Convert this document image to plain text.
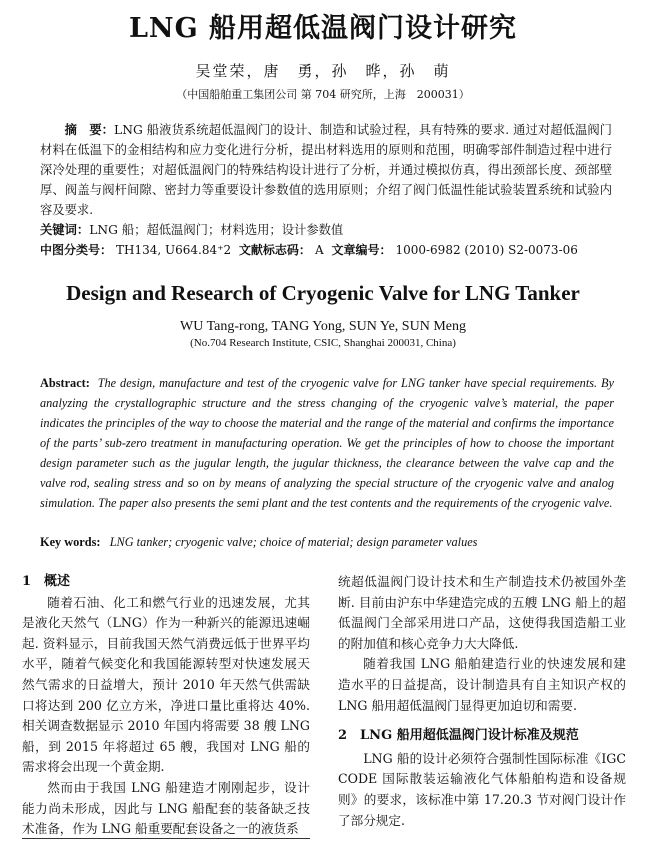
LNG 船用超低温阀门设计研究
吴堂荣，唐　勇，孙　晔，孙　萌
（中国船舶重工集团公司 第 704 研究所，上海　200031）
摘　要：LNG 船液货系统超低温阀门的设计、制造和试验过程，具有特殊的要求. 通过对超低温阀门材料在低温下的金相结构和应力变化进行分析，提出材料选用的原则和范围，明确零部件制造过程中进行深冷处理的重要性；对超低温阀门的特殊结构设计进行了分析，并通过模拟仿真，得出颈部长度、颈部壁厚、阀盖与阀杆间隙、密封力等重要设计参数值的选用原则；介绍了阀门低温性能试验装置系统和试验内容及要求.
关键词：LNG 船；超低温阀门；材料选用；设计参数值
中图分类号： TH134, U664.84⁺2 文献标志码： A 文章编号： 1000-6982 (2010) S2-0073-06
Design and Research of Cryogenic Valve for LNG Tanker
WU Tang-rong, TANG Yong, SUN Ye, SUN Meng
(No.704 Research Institute, CSIC, Shanghai 200031, China)
Abstract: The design, manufacture and test of the cryogenic valve for LNG tanker have special requirements. By analyzing the crystallographic structure and the stress changing of the cryogenic valve’s material, the paper indicates the principles of the way to choose the material and the range of the material and confirms the importance of the parts’ sub-zero treatment in manufacturing operation. We get the principles of how to choose the important design parameter such as the jugular length, the jugular thickness, the clearance between the valve cap and the valve rod, sealing stress and so on by means of analyzing the special structure of the cryogenic valve and analog simulation. The paper also presents the semi plant and the test contents and the requirements of the cryogenic valve.
Key words: LNG tanker; cryogenic valve; choice of material; design parameter values
1　概述

随着石油、化工和燃气行业的迅速发展，尤其是液化天然气（LNG）作为一种新兴的能源迅速崛起. 资料显示，目前我国天然气消费远低于世界平均水平，随着气候变化和我国能源转型对快速发展天然气需求的日益增大，预计 2010 年天然气供需缺口将达到 200 亿立方米，净进口量比重将达 40%. 相关调查数据显示 2010 年国内将需要 38 艘 LNG 船，到 2015 年将超过 65 艘，我国对 LNG 船的需求将会出现一个黄金期.

然而由于我国 LNG 船建造才刚刚起步，设计能力尚未形成，因此与 LNG 船配套的装备缺乏技术准备，作为 LNG 船重要配套设备之一的液货系

统超低温阀门设计技术和生产制造技术仍被国外垄断. 目前由沪东中华建造完成的五艘 LNG 船上的超低温阀门全部采用进口产品，这使得我国造船工业的附加值和核心竞争力大大降低.

随着我国 LNG 船舶建造行业的快速发展和建造水平的日益提高，设计制造具有自主知识产权的 LNG 船用超低温阀门显得更加迫切和需要.

2　LNG 船用超低温阀门设计标准及规范

LNG 船的设计必须符合强制性国际标准《IGC CODE 国际散装运输液化气体船舶构造和设备规则》的要求，该标准中第 17.20.3 节对阀门设计作了部分规定.
